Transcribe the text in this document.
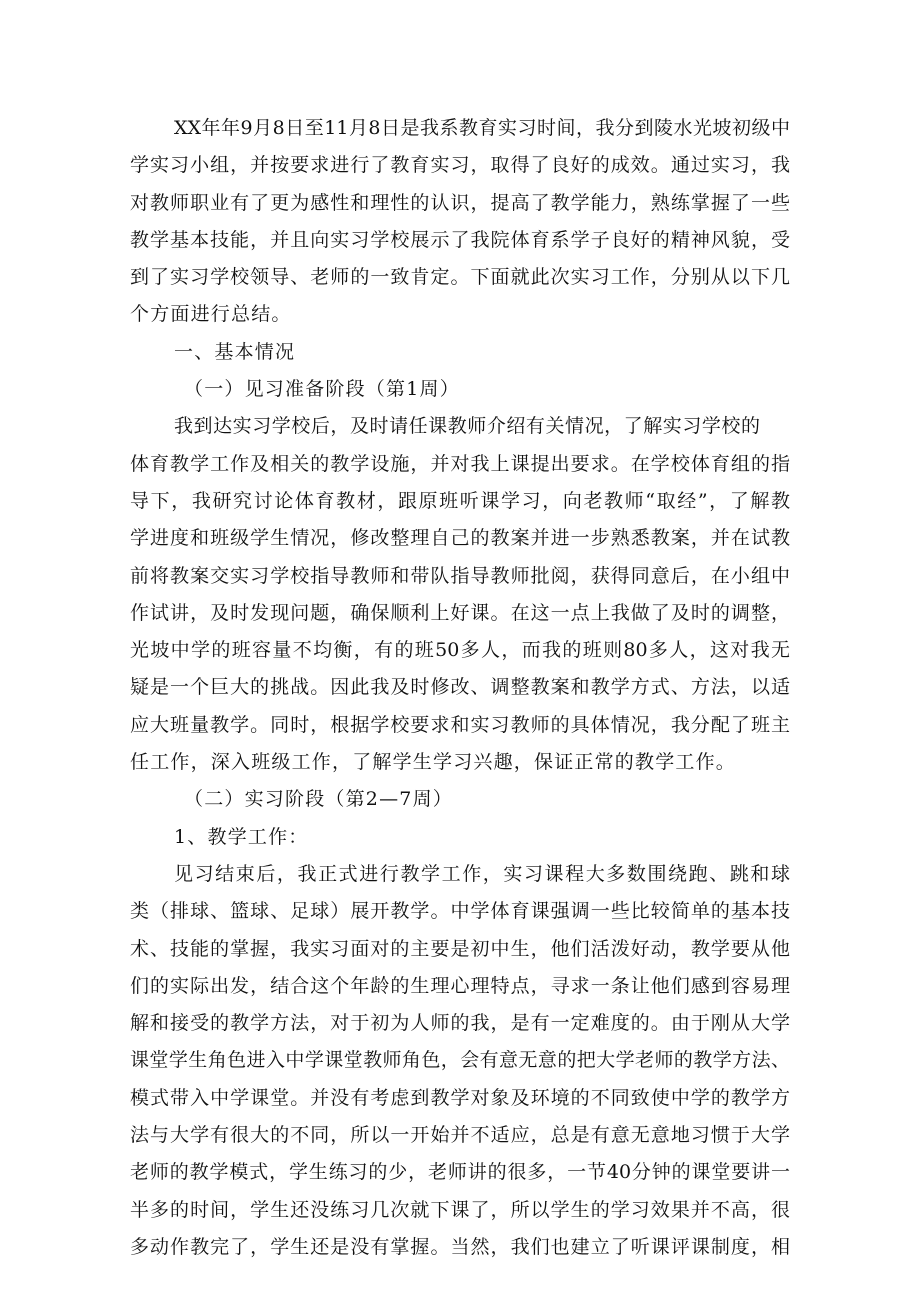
XX年年9月8日至11月8日是我系教育实习时间，我分到陵水光坡初级中
学实习小组，并按要求进行了教育实习，取得了良好的成效。通过实习，我
对教师职业有了更为感性和理性的认识，提高了教学能力，熟练掌握了一些
教学基本技能，并且向实习学校展示了我院体育系学子良好的精神风貌，受
到了实习学校领导、老师的一致肯定。下面就此次实习工作，分别从以下几
个方面进行总结。
一、基本情况
（一）见习准备阶段（第1周）
我到达实习学校后，及时请任课教师介绍有关情况，了解实习学校的
体育教学工作及相关的教学设施，并对我上课提出要求。在学校体育组的指
导下，我研究讨论体育教材，跟原班听课学习，向老教师“取经”，了解教
学进度和班级学生情况，修改整理自己的教案并进一步熟悉教案，并在试教
前将教案交实习学校指导教师和带队指导教师批阅，获得同意后，在小组中
作试讲，及时发现问题，确保顺利上好课。在这一点上我做了及时的调整，
光坡中学的班容量不均衡，有的班50多人，而我的班则80多人，这对我无
疑是一个巨大的挑战。因此我及时修改、调整教案和教学方式、方法，以适
应大班量教学。同时，根据学校要求和实习教师的具体情况，我分配了班主
任工作，深入班级工作，了解学生学习兴趣，保证正常的教学工作。
（二）实习阶段（第2—7周）
1、教学工作：
见习结束后，我正式进行教学工作，实习课程大多数围绕跑、跳和球
类（排球、篮球、足球）展开教学。中学体育课强调一些比较简单的基本技
术、技能的掌握，我实习面对的主要是初中生，他们活泼好动，教学要从他
们的实际出发，结合这个年龄的生理心理特点，寻求一条让他们感到容易理
解和接受的教学方法，对于初为人师的我，是有一定难度的。由于刚从大学
课堂学生角色进入中学课堂教师角色，会有意无意的把大学老师的教学方法、
模式带入中学课堂。并没有考虑到教学对象及环境的不同致使中学的教学方
法与大学有很大的不同，所以一开始并不适应，总是有意无意地习惯于大学
老师的教学模式，学生练习的少，老师讲的很多，一节40分钟的课堂要讲一
半多的时间，学生还没练习几次就下课了，所以学生的学习效果并不高，很
多动作教完了，学生还是没有掌握。当然，我们也建立了听课评课制度，相
